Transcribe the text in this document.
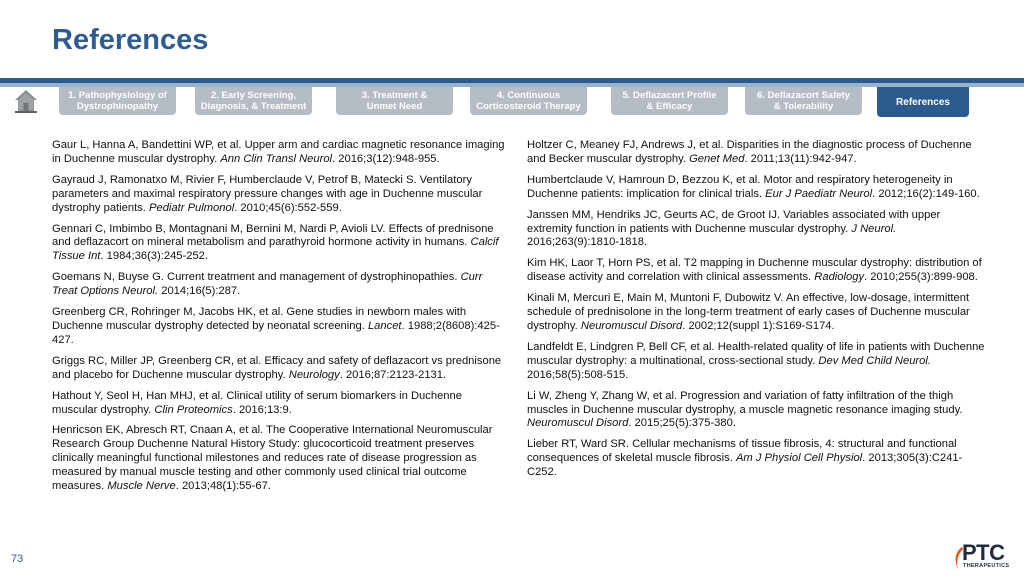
References
1. Pathophysiology of
Dystrophinopathy
2. Early Screening,
Diagnosis, & Treatment
3. Treatment &
Unmet Need
4. Continuous
Corticosteroid Therapy
5. Deflazacort Profile
& Efficacy
6. Deflazacort Safety
& Tolerability	References

Gaur L, Hanna A, Bandettini WP, et al. Upper arm and cardiac magnetic resonance imaging in Duchenne muscular dystrophy. Ann Clin Transl Neurol. 2016;3(12):948-955.

Gayraud J, Ramonatxo M, Rivier F, Humberclaude V, Petrof B, Matecki S. Ventilatory parameters and maximal respiratory pressure changes with age in Duchenne muscular dystrophy patients. Pediatr Pulmonol. 2010;45(6):552-559.

Gennari C, Imbimbo B, Montagnani M, Bernini M, Nardi P, Avioli LV. Effects of prednisone and deflazacort on mineral metabolism and parathyroid hormone activity in humans. Calcif Tissue Int. 1984;36(3):245-252.

Goemans N, Buyse G. Current treatment and management of dystrophinopathies. Curr Treat Options Neurol. 2014;16(5):287.

Greenberg CR, Rohringer M, Jacobs HK, et al. Gene studies in newborn males with Duchenne muscular dystrophy detected by neonatal screening. Lancet. 1988;2(8608):425-427.

Griggs RC, Miller JP, Greenberg CR, et al. Efficacy and safety of deflazacort vs prednisone and placebo for Duchenne muscular dystrophy. Neurology. 2016;87:2123-2131.

Hathout Y, Seol H, Han MHJ, et al. Clinical utility of serum biomarkers in Duchenne muscular dystrophy. Clin Proteomics. 2016;13:9.

Henricson EK, Abresch RT, Cnaan A, et al. The Cooperative International Neuromuscular Research Group Duchenne Natural History Study: glucocorticoid treatment preserves clinically meaningful functional milestones and reduces rate of disease progression as measured by manual muscle testing and other commonly used clinical trial outcome measures. Muscle Nerve. 2013;48(1):55-67.

Holtzer C, Meaney FJ, Andrews J, et al. Disparities in the diagnostic process of Duchenne and Becker muscular dystrophy. Genet Med. 2011;13(11):942-947.

Humbertclaude V, Hamroun D, Bezzou K, et al. Motor and respiratory heterogeneity in Duchenne patients: implication for clinical trials. Eur J Paediatr Neurol. 2012;16(2):149-160.

Janssen MM, Hendriks JC, Geurts AC, de Groot IJ. Variables associated with upper extremity function in patients with Duchenne muscular dystrophy. J Neurol. 2016;263(9):1810-1818.

Kim HK, Laor T, Horn PS, et al. T2 mapping in Duchenne muscular dystrophy: distribution of disease activity and correlation with clinical assessments. Radiology. 2010;255(3):899-908.

Kinali M, Mercuri E, Main M, Muntoni F, Dubowitz V. An effective, low-dosage, intermittent schedule of prednisolone in the long-term treatment of early cases of Duchenne muscular dystrophy. Neuromuscul Disord. 2002;12(suppl 1):S169-S174.

Landfeldt E, Lindgren P, Bell CF, et al. Health-related quality of life in patients with Duchenne muscular dystrophy: a multinational, cross-sectional study. Dev Med Child Neurol. 2016;58(5):508-515.

Li W, Zheng Y, Zhang W, et al. Progression and variation of fatty infiltration of the thigh muscles in Duchenne muscular dystrophy, a muscle magnetic resonance imaging study. Neuromuscul Disord. 2015;25(5):375-380.

Lieber RT, Ward SR. Cellular mechanisms of tissue fibrosis, 4: structural and functional consequences of skeletal muscle fibrosis. Am J Physiol Cell Physiol. 2013;305(3):C241-C252.

73	PTC
THERAPEUTICS
